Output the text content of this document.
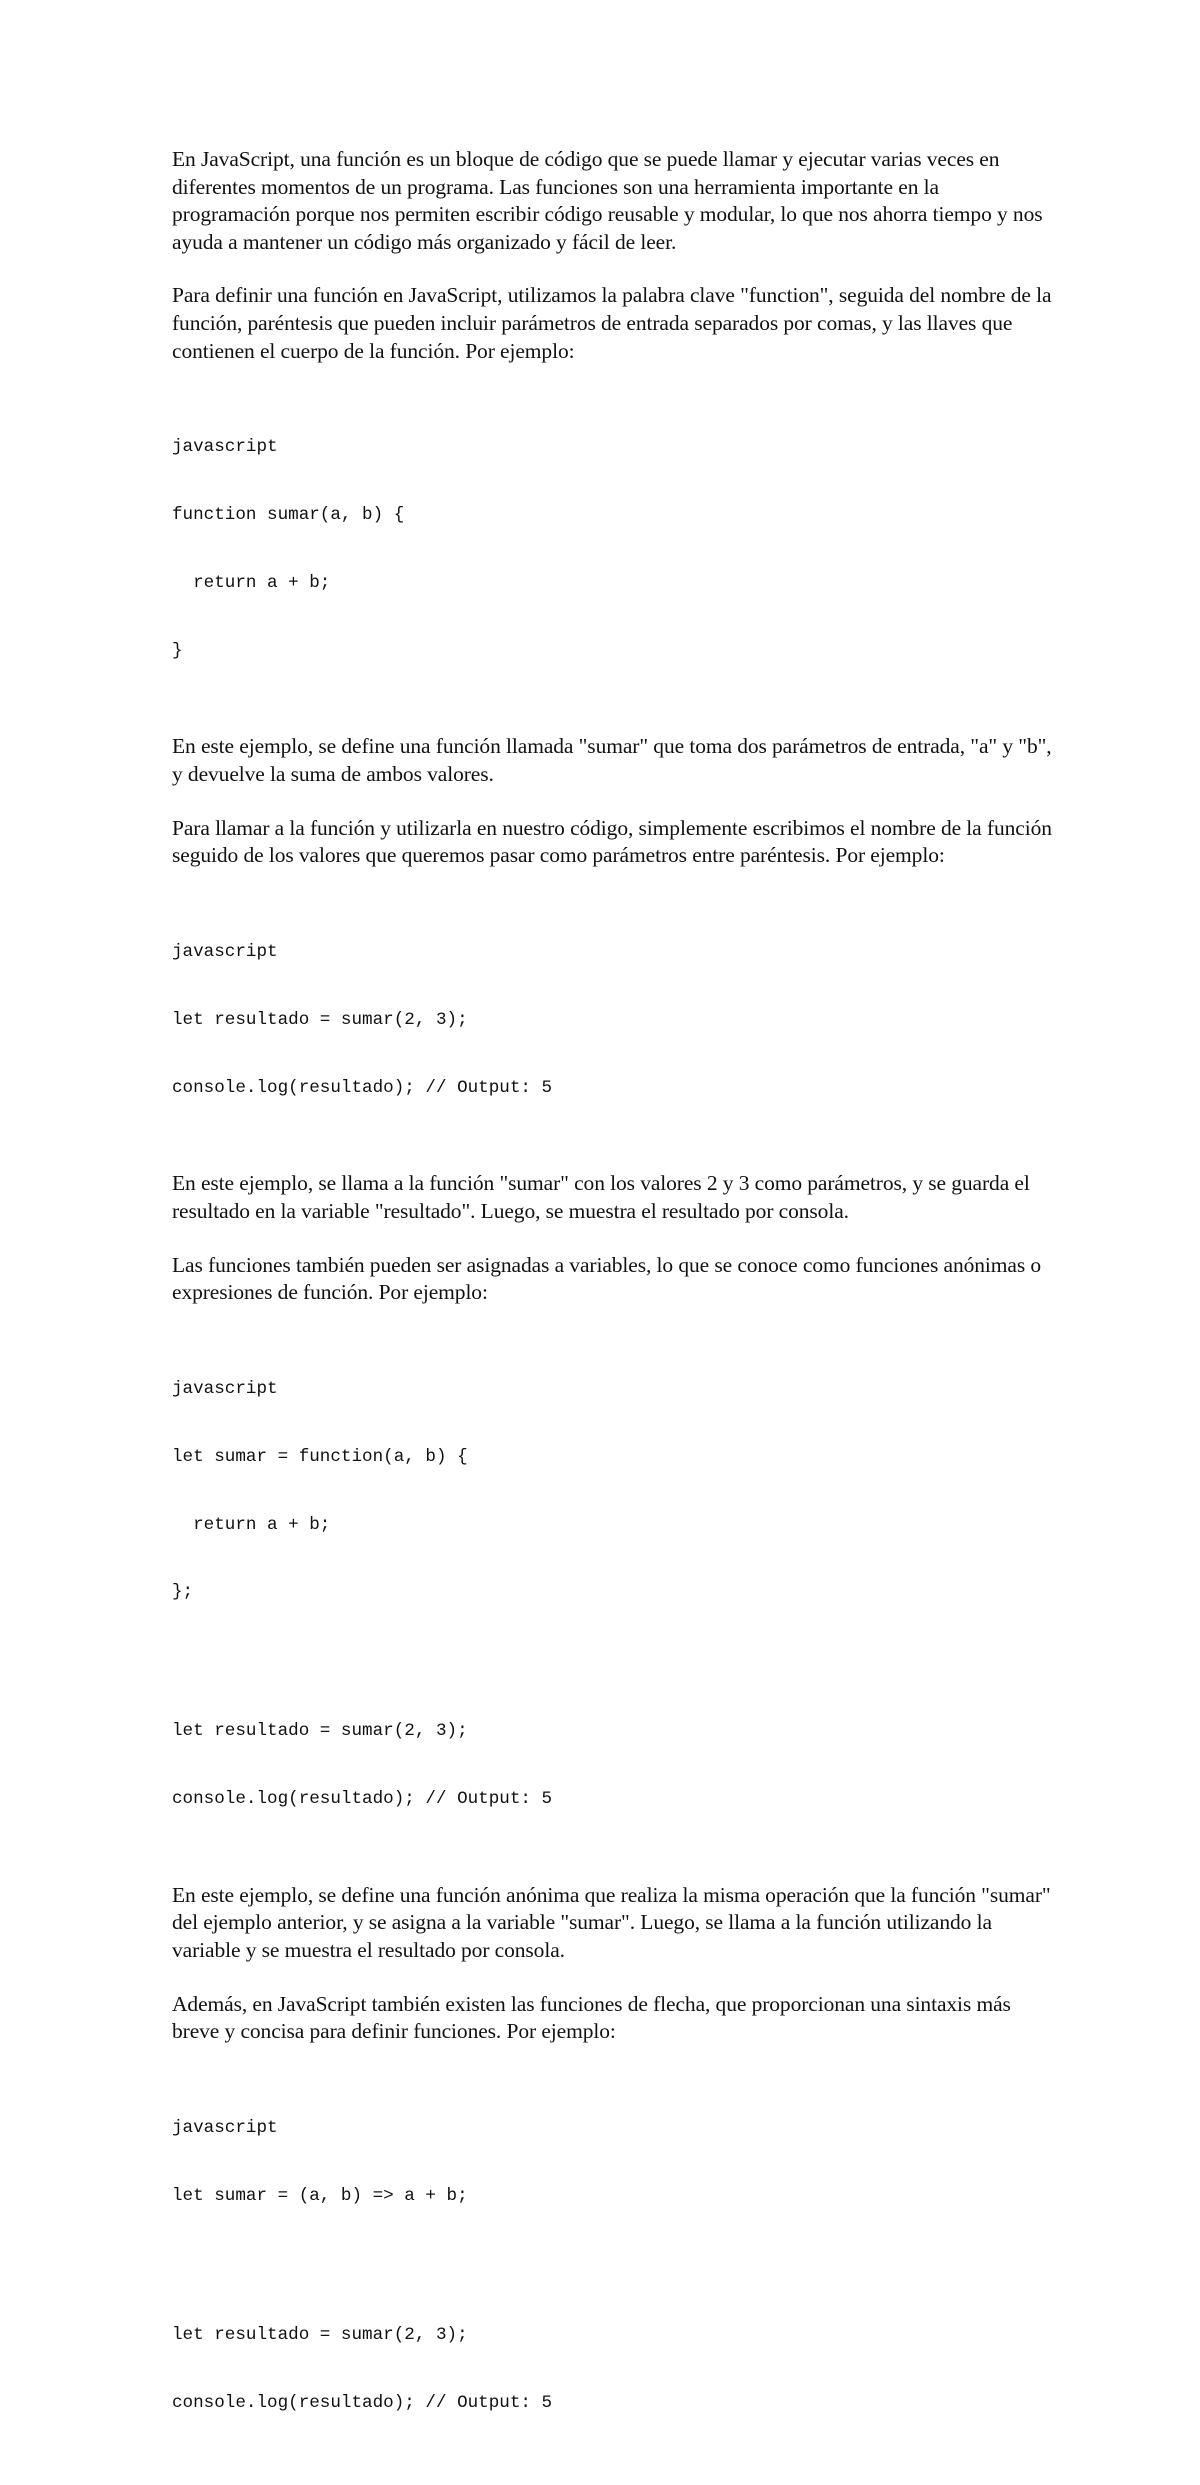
En JavaScript, una función es un bloque de código que se puede llamar y ejecutar varias veces en diferentes momentos de un programa. Las funciones son una herramienta importante en la programación porque nos permiten escribir código reusable y modular, lo que nos ahorra tiempo y nos ayuda a mantener un código más organizado y fácil de leer.

Para definir una función en JavaScript, utilizamos la palabra clave "function", seguida del nombre de la función, paréntesis que pueden incluir parámetros de entrada separados por comas, y las llaves que contienen el cuerpo de la función. Por ejemplo:

javascript

function sumar(a, b) {

return a + b;

}

En este ejemplo, se define una función llamada "sumar" que toma dos parámetros de entrada, "a" y "b", y devuelve la suma de ambos valores.

Para llamar a la función y utilizarla en nuestro código, simplemente escribimos el nombre de la función seguido de los valores que queremos pasar como parámetros entre paréntesis. Por ejemplo:

javascript

let resultado = sumar(2, 3);

console.log(resultado); // Output: 5

En este ejemplo, se llama a la función "sumar" con los valores 2 y 3 como parámetros, y se guarda el resultado en la variable "resultado". Luego, se muestra el resultado por consola.

Las funciones también pueden ser asignadas a variables, lo que se conoce como funciones anónimas o expresiones de función. Por ejemplo:

javascript

let sumar = function(a, b) {

return a + b;

};

let resultado = sumar(2, 3);

console.log(resultado); // Output: 5

En este ejemplo, se define una función anónima que realiza la misma operación que la función "sumar" del ejemplo anterior, y se asigna a la variable "sumar". Luego, se llama a la función utilizando la variable y se muestra el resultado por consola.

Además, en JavaScript también existen las funciones de flecha, que proporcionan una sintaxis más breve y concisa para definir funciones. Por ejemplo:

javascript

let sumar = (a, b) => a + b;

let resultado = sumar(2, 3);

console.log(resultado); // Output: 5
